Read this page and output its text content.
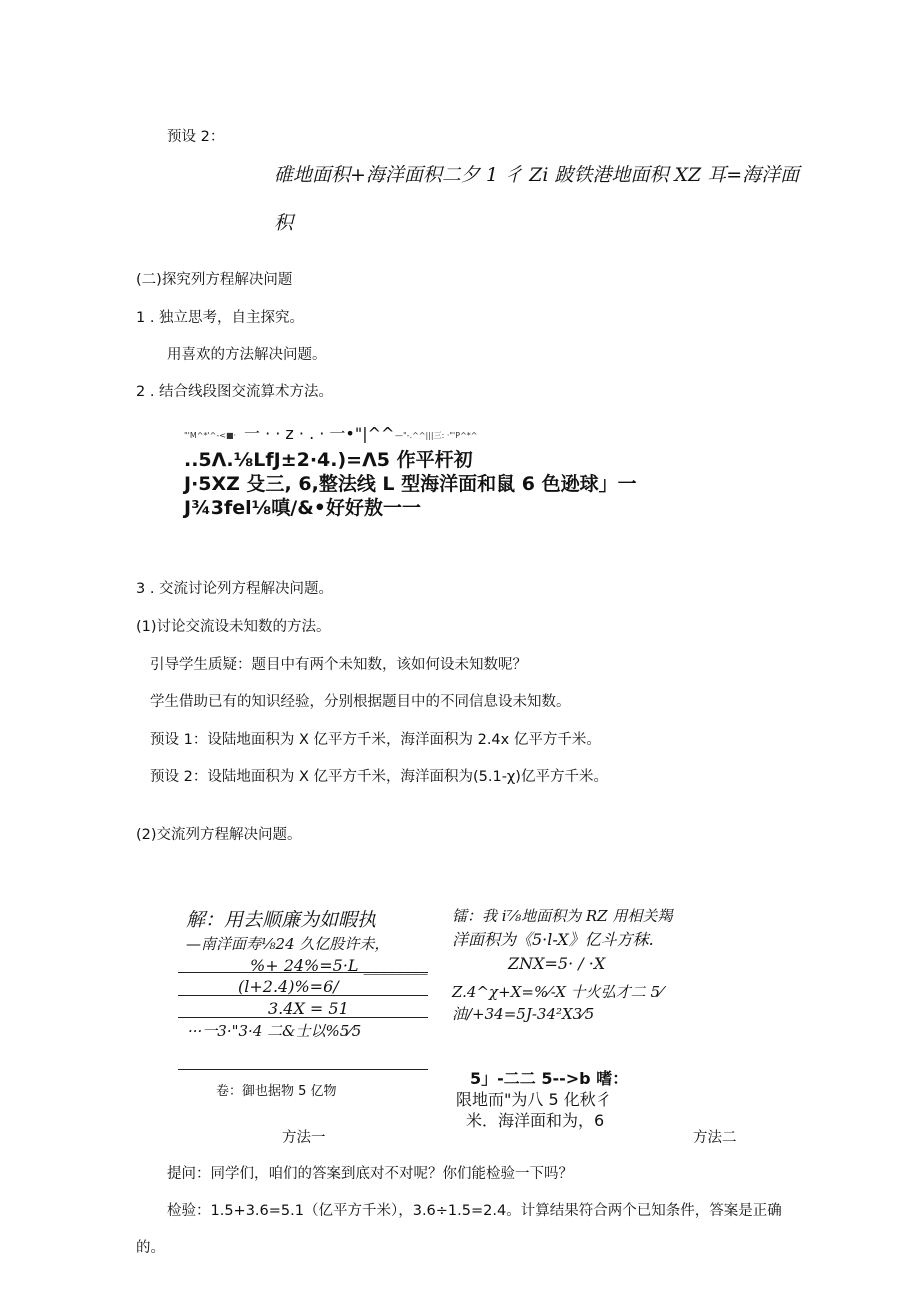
预设 2：
碓地面积+海洋面积二夕 1 彳 Zi 跛铁港地面积 XZ 耳=海洋面
积
(二)探究列方程解决问题
1 . 独立思考，自主探究。
用喜欢的方法解决问题。
2 . 结合线段图交流算术方法。
"'M^*'^-<■· 一 · · z · . · 一•"|^^ —"-.^^|||三: ·"'P^*^
..5Λ.⅛LfJ±2·4.)=Λ5 作平杆初
J·5XZ 殳三, 6,整法线 L 型海洋面和鼠 6 色逊球」一
J¾3fel⅛嗔/&•好好敖一一
3 . 交流讨论列方程解决问题。
(1)讨论交流设未知数的方法。
引导学生质疑：题目中有两个未知数，该如何设未知数呢？
学生借助已有的知识经验，分别根据题目中的不同信息设未知数。
预设 1：设陆地面积为 X 亿平方千米，海洋面积为 2.4x 亿平方千米。
预设 2：设陆地面积为 X 亿平方千米，海洋面积为(5.1-χ)亿平方千米。
(2)交流列方程解决问题。
解：用去顺廉为如暇执
—南洋面寿⅛24 久亿股许未，
%+ 24%=5·L ________
(l+2.4)%=6/
3.4X = 51
···一3·"3·4 二&士以%5⁄5
卷：御也据物 5 亿物
镭：我 i⅞地面积为 RZ 用相关羯
洋面积为《5·l-X》亿斗方秣.
ZNX=5· / ·X
Z.4^χ+X=%⁄-X 十火弘才二 5⁄
油/+34=5J-34²X3⁄5
5」-二二 5-->b 嗜：
限地而"为八 5 化秋彳
米．海洋面和为，6
方法一	方法二
提问：同学们，咱们的答案到底对不对呢？你们能检验一下吗？
检验：1.5+3.6=5.1（亿平方千米），3.6÷1.5=2.4。计算结果符合两个已知条件，答案是正确
的。
